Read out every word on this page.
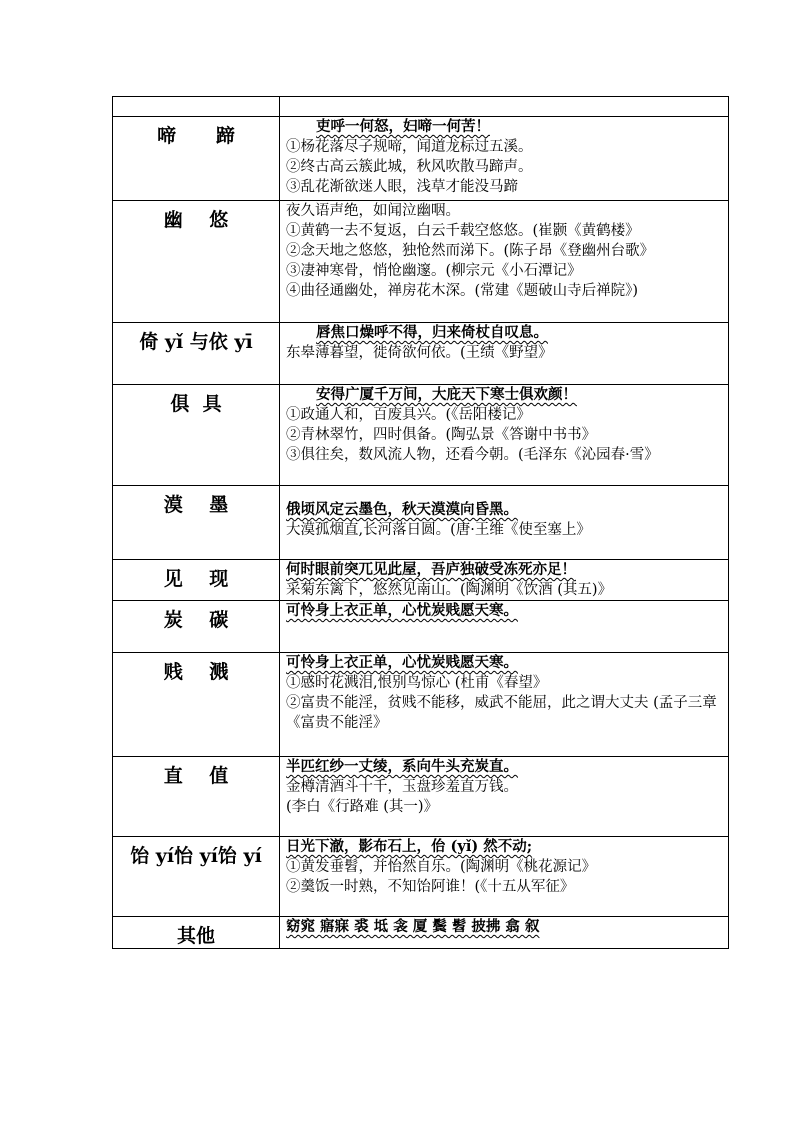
啼      蹄	吏呼一何怒，妇啼一何苦！
①杨花落尽子规啼，闻道龙标过五溪。
②终古高云簇此城，秋风吹散马蹄声。
③乱花渐欲迷人眼，浅草才能没马蹄

幽    悠	夜久语声绝，如闻泣幽咽。
①黄鹤一去不复返，白云千载空悠悠。(崔颢《黄鹤楼》
②念天地之悠悠，独怆然而涕下。(陈子昂《登幽州台歌》
③凄神寒骨，悄怆幽邃。(柳宗元《小石潭记》
④曲径通幽处，禅房花木深。(常建《题破山寺后禅院》)

倚 yǐ 与依 yī	唇焦口燥呼不得，归来倚杖自叹息。
东皋薄暮望，徙倚欲何依。(王绩《野望》

俱  具	安得广厦千万间，大庇天下寒士俱欢颜！
①政通人和，百废具兴。(《岳阳楼记》
②青林翠竹，四时俱备。(陶弘景《答谢中书书》
③俱往矣，数风流人物，还看今朝。(毛泽东《沁园春·雪》

漠    墨	俄顷风定云墨色，秋天漠漠向昏黑。
大漠孤烟直,长河落日圆。(唐·王维《使至塞上》

见    现	何时眼前突兀见此屋，吾庐独破受冻死亦足！
采菊东篱下，悠然见南山。(陶渊明《饮酒 (其五)》

炭    碳	可怜身上衣正单，心忧炭贱愿天寒。

贱    溅	可怜身上衣正单，心忧炭贱愿天寒。
①感时花溅泪,恨别鸟惊心 (杜甫《春望》
②富贵不能淫，贫贱不能移，威武不能屈，此之谓大丈夫 (孟子三章《富贵不能淫》

直    值	半匹红纱一丈绫，系向牛头充炭直。
金樽清酒斗十千，玉盘珍羞直万钱。
(李白《行路难 (其一)》

饴 yí怡 yí饴 yí	日光下澈，影布石上，佁 (yǐ) 然不动;
①黄发垂髫，并怡然自乐。(陶渊明《桃花源记》
②羹饭一时熟，不知饴阿谁！(《十五从军征》

其他	窈窕 寤寐 裘 坻 衾 厦 鬓 髫 披拂 翕 叙
